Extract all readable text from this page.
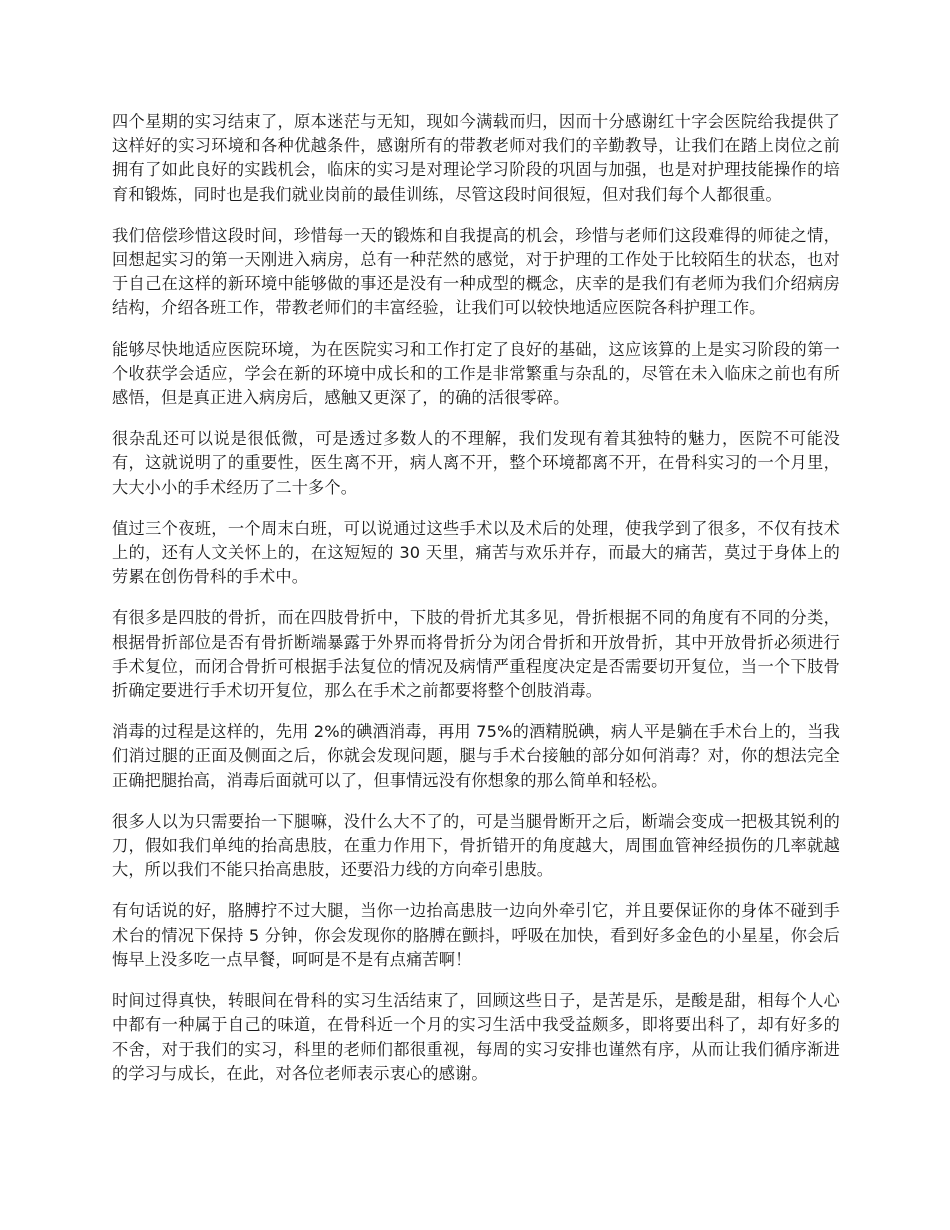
四个星期的实习结束了，原本迷茫与无知，现如今满载而归，因而十分感谢红十字会医院给我提供了这样好的实习环境和各种优越条件，感谢所有的带教老师对我们的辛勤教导，让我们在踏上岗位之前拥有了如此良好的实践机会，临床的实习是对理论学习阶段的巩固与加强，也是对护理技能操作的培育和锻炼，同时也是我们就业岗前的最佳训练，尽管这段时间很短，但对我们每个人都很重。

我们倍偿珍惜这段时间，珍惜每一天的锻炼和自我提高的机会，珍惜与老师们这段难得的师徒之情，回想起实习的第一天刚进入病房，总有一种茫然的感觉，对于护理的工作处于比较陌生的状态，也对于自己在这样的新环境中能够做的事还是没有一种成型的概念，庆幸的是我们有老师为我们介绍病房结构，介绍各班工作，带教老师们的丰富经验，让我们可以较快地适应医院各科护理工作。

能够尽快地适应医院环境，为在医院实习和工作打定了良好的基础，这应该算的上是实习阶段的第一个收获学会适应，学会在新的环境中成长和的工作是非常繁重与杂乱的，尽管在未入临床之前也有所感悟，但是真正进入病房后，感触又更深了，的确的活很零碎。

很杂乱还可以说是很低微，可是透过多数人的不理解，我们发现有着其独特的魅力，医院不可能没有，这就说明了的重要性，医生离不开，病人离不开，整个环境都离不开，在骨科实习的一个月里，大大小小的手术经历了二十多个。

值过三个夜班，一个周末白班，可以说通过这些手术以及术后的处理，使我学到了很多，不仅有技术上的，还有人文关怀上的，在这短短的 30 天里，痛苦与欢乐并存，而最大的痛苦，莫过于身体上的劳累在创伤骨科的手术中。

有很多是四肢的骨折，而在四肢骨折中，下肢的骨折尤其多见，骨折根据不同的角度有不同的分类，根据骨折部位是否有骨折断端暴露于外界而将骨折分为闭合骨折和开放骨折，其中开放骨折必须进行手术复位，而闭合骨折可根据手法复位的情况及病情严重程度决定是否需要切开复位，当一个下肢骨折确定要进行手术切开复位，那么在手术之前都要将整个创肢消毒。

消毒的过程是这样的，先用 2%的碘酒消毒，再用 75%的酒精脱碘，病人平是躺在手术台上的，当我们消过腿的正面及侧面之后，你就会发现问题，腿与手术台接触的部分如何消毒？对，你的想法完全正确把腿抬高，消毒后面就可以了，但事情远没有你想象的那么简单和轻松。

很多人以为只需要抬一下腿嘛，没什么大不了的，可是当腿骨断开之后，断端会变成一把极其锐利的刀，假如我们单纯的抬高患肢，在重力作用下，骨折错开的角度越大，周围血管神经损伤的几率就越大，所以我们不能只抬高患肢，还要沿力线的方向牵引患肢。

有句话说的好，胳膊拧不过大腿，当你一边抬高患肢一边向外牵引它，并且要保证你的身体不碰到手术台的情况下保持 5 分钟，你会发现你的胳膊在颤抖，呼吸在加快，看到好多金色的小星星，你会后悔早上没多吃一点早餐，呵呵是不是有点痛苦啊！

时间过得真快，转眼间在骨科的实习生活结束了，回顾这些日子，是苦是乐，是酸是甜，相每个人心中都有一种属于自己的味道，在骨科近一个月的实习生活中我受益颇多，即将要出科了，却有好多的不舍，对于我们的实习，科里的老师们都很重视，每周的实习安排也谨然有序，从而让我们循序渐进的学习与成长，在此，对各位老师表示衷心的感谢。
